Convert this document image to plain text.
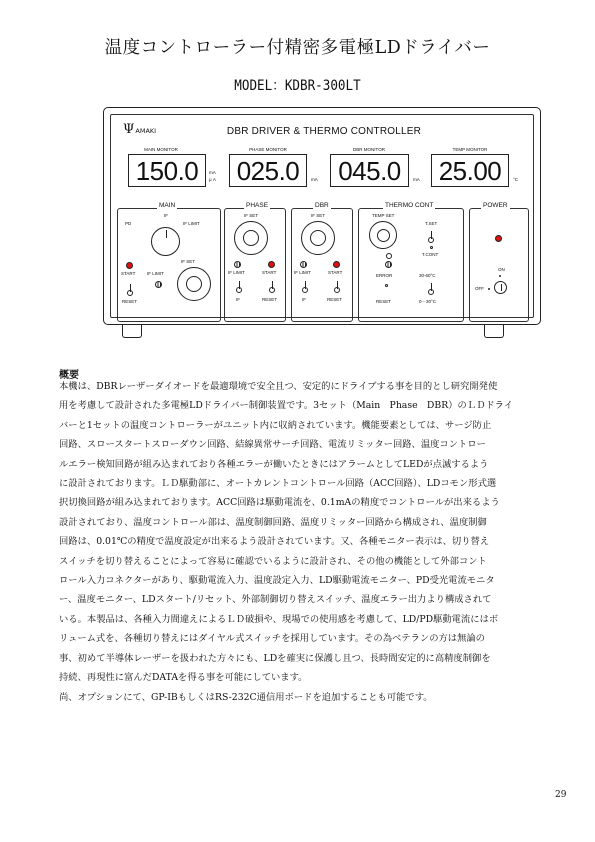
温度コントローラー付精密多電極LDドライバー
MODEL：KDBR-300LT
Ψ AMAKI	DBR DRIVER & THERMO CONTROLLER
MAIN MONITOR
150.0	mA
μ A
PHASE MONITOR
025.0	mA
DBR MONITOR
045.0	mA
TEMP MONITOR
25.00	°C
MAIN
IF
PD	IF LIMIT
IF SET
START	IF LIMIT
RESET
PHASE
IF SET
IF LIMIT	START
IF	RESET
DBR
IF SET
IF LIMIT	START
IF	RESET
THERMO CONT
TEMP SET
T.SET
T.CONT
ERROR	30-60°C
RESET	0－30°C
POWER
ON
OFF
概要

本機は、DBRレーザーダイオードを最適環境で安全且つ、安定的にドライブする事を目的とし研究開発使

用を考慮して設計された多電極LDドライバー制御装置です。3セット（Main　Phase　DBR）のＬＤドライ

バーと1セットの温度コントローラーがユニット内に収納されています。機能要素としては、サージ防止

回路、スロースタートスローダウン回路、結線異常サーチ回路、電流リミッター回路、温度コントロー

ルエラー検知回路が組み込まれており各種エラーが働いたときにはアラームとしてLEDが点滅するよう

に設計されております。ＬＤ駆動部に、オートカレントコントロール回路（ACC回路）、LDコモン形式選

択切換回路が組み込まれております。ACC回路は駆動電流を、0.1mAの精度でコントロールが出来るよう

設計されており、温度コントロール部は、温度制御回路、温度リミッター回路から構成され、温度制御

回路は、0.01℃の精度で温度設定が出来るよう設計されています。又、各種モニター表示は、切り替え

スイッチを切り替えることによって容易に確認でいるように設計され、その他の機能として外部コント

ロール入力コネクターがあり、駆動電流入力、温度設定入力、LD駆動電流モニター、PD受光電流モニタ

ー、温度モニター、LDスタート/リセット、外部制御切り替えスイッチ、温度エラー出力より構成されて

いる。本製品は、各種入力間違えによるＬＤ破損や、現場での使用感を考慮して、LD/PD駆動電流にはボ

リューム式を、各種切り替えにはダイヤル式スイッチを採用しています。その為ベテランの方は無論の

事、初めて半導体レーザーを扱われた方々にも、LDを確実に保護し且つ、長時間安定的に高精度制御を

持続、再現性に富んだDATAを得る事を可能にしています。

尚、オプションにて、GP-IBもしくはRS-232C通信用ボードを追加することも可能です。

29
